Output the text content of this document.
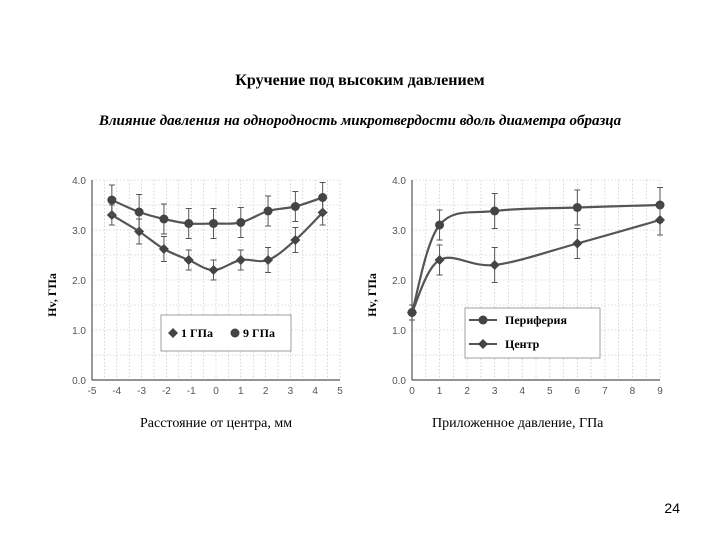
Кручение под высоким давлением
Влияние давления на однородность микротвердости вдоль диаметра образца
-5 -4 -3 -2 -1 0 1 2 3 4 5
0.0
1.0
2.0
3.0
4.0
Hv, ГПа
1 ГПа	9 ГПа
0 1 2 3 4 5 6 7 8 9
0.0
1.0
2.0
3.0
4.0
Hv, ГПа
Периферия
Центр
Расстояние от центра, мм	Приложенное давление, ГПа
24
